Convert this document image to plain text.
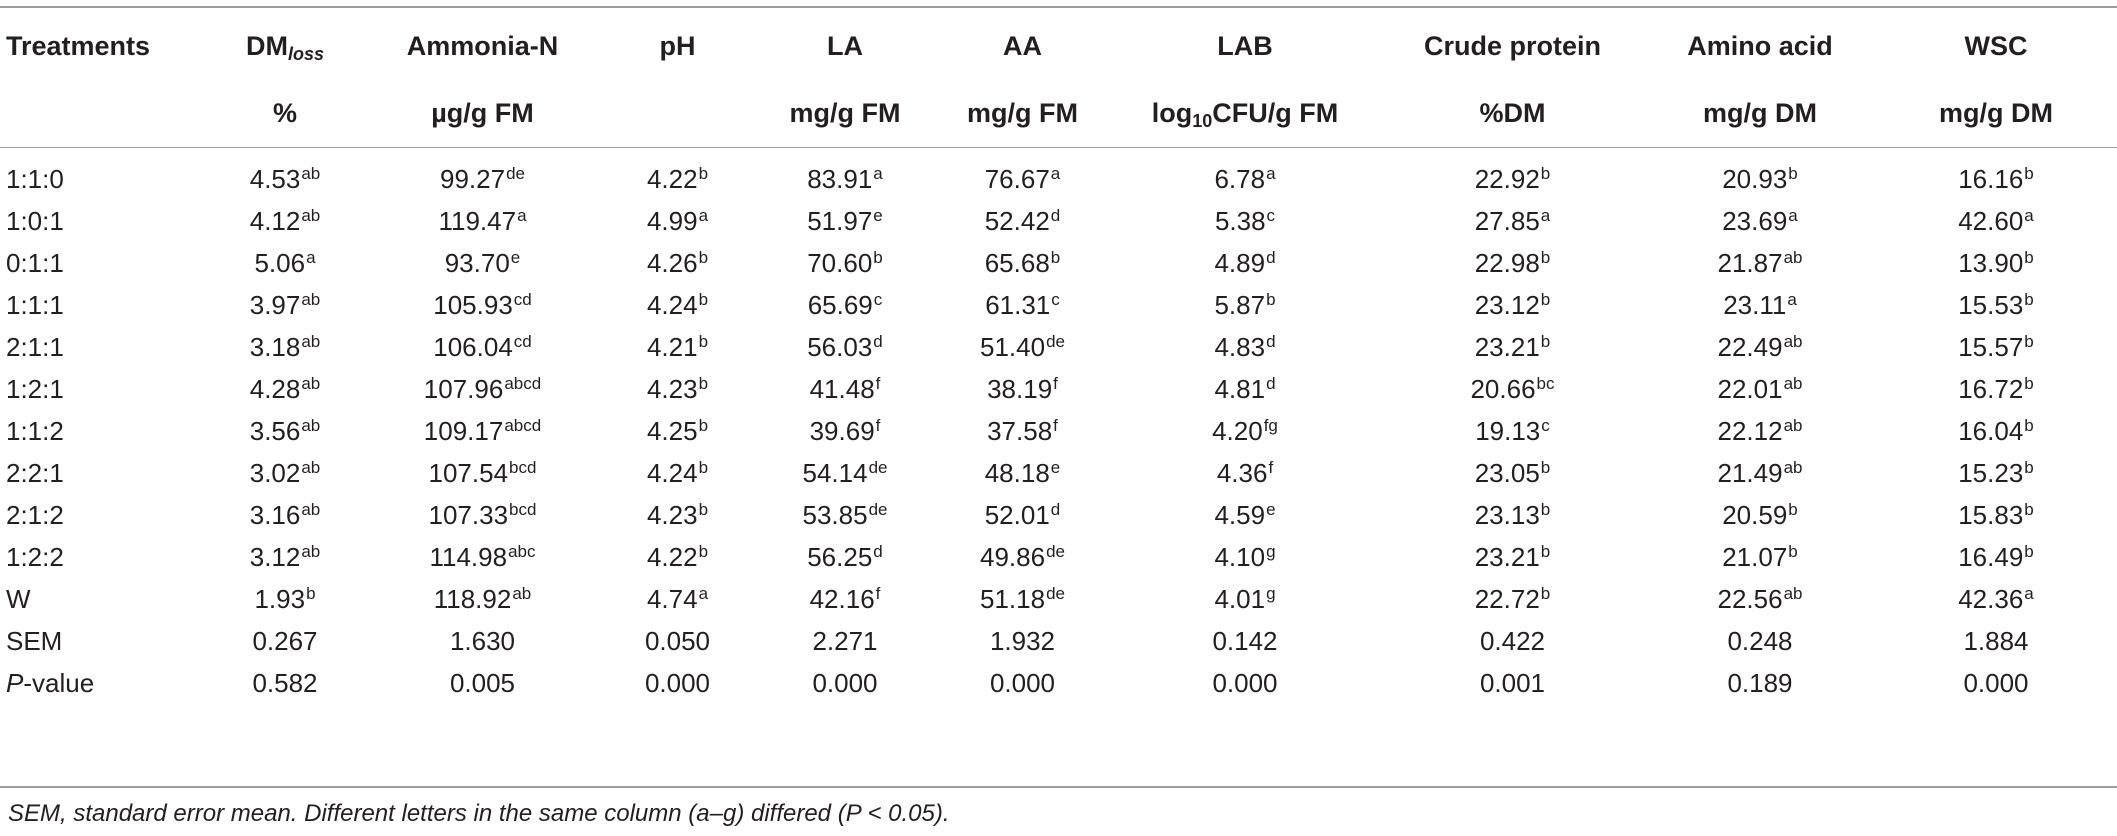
Treatments	$DM_{loss}$	Ammonia-N	pH	LA	AA	LAB	Crude protein	Amino acid	WSC
	%	µg/g FM		mg/g FM	mg/g FM	$\log_{10}CFU/g$ FM	%DM	mg/g DM	mg/g DM
1:1:0	4.53$^{ab}$	99.27de	4.22$^b$	83.91$^a$	76.67$^a$	6.78$^a$	22.92$^b$	20.93$^b$	16.16$^b$
1:0:1	4.12$^{ab}$	119.47$^a$	4.99$^a$	51.97e	52.42$^d$	5.38$^c$	27.85$^a$	23.69$^a$	42.60$^a$
0:1:1	5.06$^a$	93.70e	4.26$^b$	70.60$^b$	65.68$^b$	4.89$^d$	22.98$^b$	21.87$^{ab}$	13.90$^b$
1:1:1	3.97$^{ab}$	105.93$^{cd}$	4.24$^b$	65.69$^c$	61.31$^c$	5.87$^b$	23.12$^b$	23.11$^a$	15.53$^b$
2:1:1	3.18$^{ab}$	106.04$^{cd}$	4.21$^b$	56.03$^d$	51.40de	4.83$^d$	23.21$^b$	22.49$^{ab}$	15.57$^b$
1:2:1	4.28$^{ab}$	$107.96^{abcd}$	4.23$^b$	41.48$^f$	38.19$^f$	4.81$^d$	20.66$^{bc}$	22.01$^{ab}$	16.72$^b$
1:1:2	3.56$^{ab}$	$109.17^{abcd}$	4.25$^b$	39.69$^f$	37.58$^f$	4.20$^{fg}$	19.13$^c$	22.12$^{ab}$	16.04$^b$
2:2:1	3.02$^{ab}$	107.54$^{bcd}$	4.24$^b$	54.14de	48.18e	4.36$^f$	23.05$^b$	21.49$^{ab}$	15.23$^b$
2:1:2	3.16$^{ab}$	107.33$^{bcd}$	4.23$^b$	53.85de	52.01$^d$	4.59e	23.13$^b$	20.59$^b$	15.83$^b$
1:2:2	3.12$^{ab}$	114.98$^{abc}$	4.22$^b$	56.25$^d$	49.86de	4.10$^g$	23.21$^b$	21.07$^b$	16.49$^b$
W	1.93$^b$	118.92$^{ab}$	4.74$^a$	42.16$^f$	51.18de	4.01$^g$	22.72$^b$	22.56$^{ab}$	42.36$^a$
SEM	0.267	1.630	0.050	2.271	1.932	0.142	0.422	0.248	1.884
P-value	0.582	0.005	0.000	0.000	0.000	0.000	0.001	0.189	0.000
SEM, standard error mean. Different letters in the same column (a–g) differed (P < 0.05).
